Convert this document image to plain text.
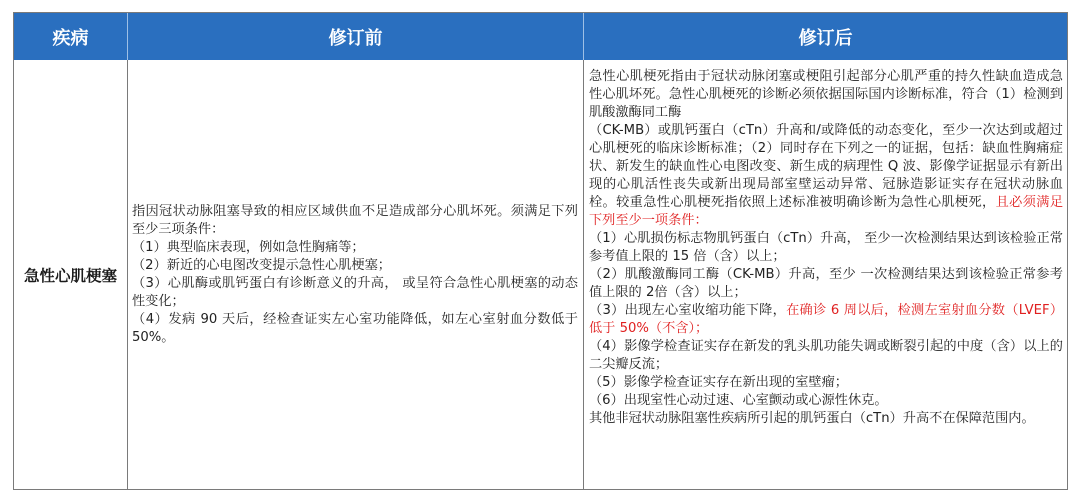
疾病	修订前	修订后
急性心肌梗塞
指因冠状动脉阻塞导致的相应区域供血不足造成部分心肌坏死。须满足下列至少三项条件：
（1）典型临床表现，例如急性胸痛等；
（2）新近的心电图改变提示急性心肌梗塞；
（3）心肌酶或肌钙蛋白有诊断意义的升高， 或呈符合急性心肌梗塞的动态性变化；
（4）发病 90 天后，经检查证实左心室功能降低，如左心室射血分数低于 50%。
急性心肌梗死指由于冠状动脉闭塞或梗阻引起部分心肌严重的持久性缺血造成急性心肌坏死。急性心肌梗死的诊断必须依据国际国内诊断标准，符合（1）检测到肌酸激酶同工酶
（CK-MB）或肌钙蛋白（cTn）升高和/或降低的动态变化，至少一次达到或超过心肌梗死的临床诊断标准；（2）同时存在下列之一的证据，包括：缺血性胸痛症状、新发生的缺血性心电图改变、新生成的病理性 Q 波、影像学证据显示有新出现的心肌活性丧失或新出现局部室壁运动异常、冠脉造影证实存在冠状动脉血栓。较重急性心肌梗死指依照上述标准被明确诊断为急性心肌梗死，且必须满足下列至少一项条件：
（1）心肌损伤标志物肌钙蛋白（cTn）升高， 至少一次检测结果达到该检验正常参考值上限的 15 倍（含）以上；
（2）肌酸激酶同工酶（CK-MB）升高，至少 一次检测结果达到该检验正常参考值上限的 2倍（含）以上；
（3）出现左心室收缩功能下降，在确诊 6 周以后，检测左室射血分数（LVEF）低于 50%（不含）；
（4）影像学检查证实存在新发的乳头肌功能失调或断裂引起的中度（含）以上的二尖瓣反流；
（5）影像学检查证实存在新出现的室壁瘤；
（6）出现室性心动过速、心室颤动或心源性休克。
其他非冠状动脉阻塞性疾病所引起的肌钙蛋白（cTn）升高不在保障范围内。
